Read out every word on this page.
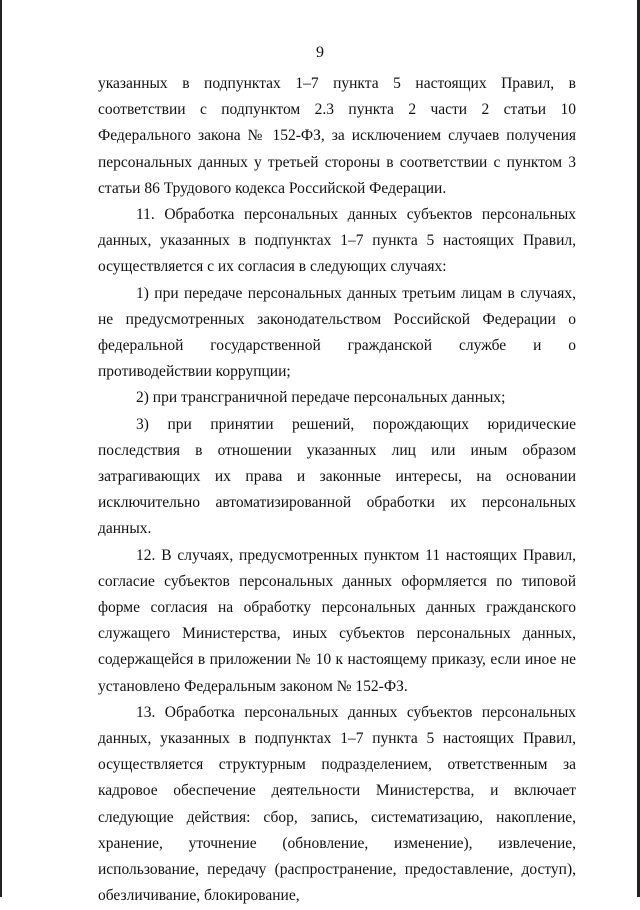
9

указанных в подпунктах 1–7 пункта 5 настоящих Правил, в соответствии с подпунктом 2.3 пункта 2 части 2 статьи 10 Федерального закона № 152-ФЗ, за исключением случаев получения персональных данных у третьей стороны в соответствии с пунктом 3 статьи 86 Трудового кодекса Российской Федерации.

11. Обработка персональных данных субъектов персональных данных, указанных в подпунктах 1–7 пункта 5 настоящих Правил, осуществляется с их согласия в следующих случаях:

1) при передаче персональных данных третьим лицам в случаях, не предусмотренных законодательством Российской Федерации о федеральной государственной гражданской службе и о противодействии коррупции;

2) при трансграничной передаче персональных данных;

3) при принятии решений, порождающих юридические последствия в отношении указанных лиц или иным образом затрагивающих их права и законные интересы, на основании исключительно автоматизированной обработки их персональных данных.

12. В случаях, предусмотренных пунктом 11 настоящих Правил, согласие субъектов персональных данных оформляется по типовой форме согласия на обработку персональных данных гражданского служащего Министерства, иных субъектов персональных данных, содержащейся в приложении № 10 к настоящему приказу, если иное не установлено Федеральным законом № 152-ФЗ.

13. Обработка персональных данных субъектов персональных данных, указанных в подпунктах 1–7 пункта 5 настоящих Правил, осуществляется структурным подразделением, ответственным за кадровое обеспечение деятельности Министерства, и включает следующие действия: сбор, запись, систематизацию, накопление, хранение, уточнение (обновление, изменение), извлечение, использование, передачу (распространение, предоставление, доступ), обезличивание, блокирование,
